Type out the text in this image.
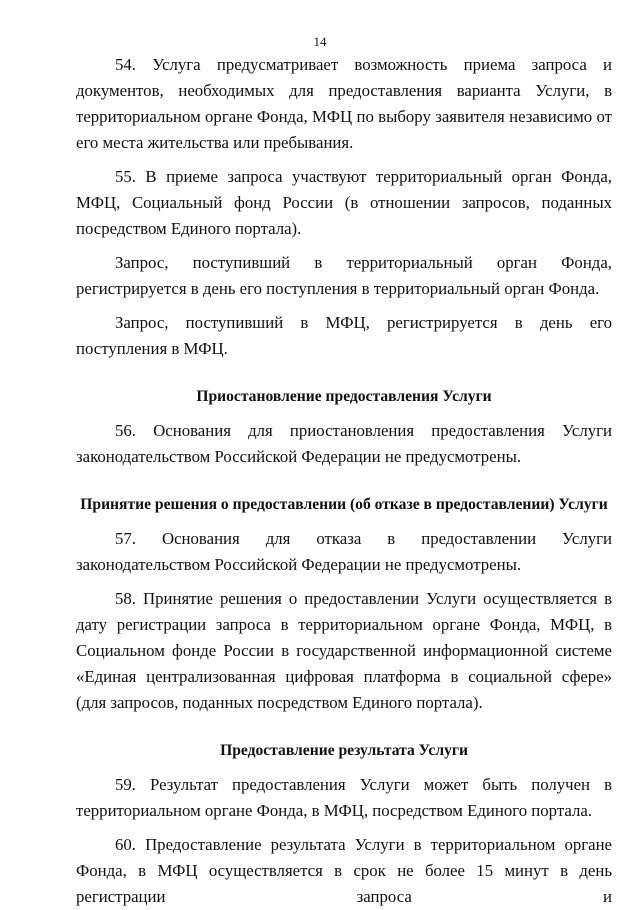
14

54. Услуга предусматривает возможность приема запроса и документов, необходимых для предоставления варианта Услуги, в территориальном органе Фонда, МФЦ по выбору заявителя независимо от его места жительства или пребывания.

55. В приеме запроса участвуют территориальный орган Фонда, МФЦ, Социальный фонд России (в отношении запросов, поданных посредством Единого портала).

Запрос, поступивший в территориальный орган Фонда, регистрируется в день его поступления в территориальный орган Фонда.

Запрос, поступивший в МФЦ, регистрируется в день его поступления в МФЦ.

Приостановление предоставления Услуги

56. Основания для приостановления предоставления Услуги законодательством Российской Федерации не предусмотрены.

Принятие решения о предоставлении (об отказе в предоставлении) Услуги

57. Основания для отказа в предоставлении Услуги законодательством Российской Федерации не предусмотрены.

58. Принятие решения о предоставлении Услуги осуществляется в дату регистрации запроса в территориальном органе Фонда, МФЦ, в Социальном фонде России в государственной информационной системе «Единая централизованная цифровая платформа в социальной сфере» (для запросов, поданных посредством Единого портала).

Предоставление результата Услуги

59. Результат предоставления Услуги может быть получен в территориальном органе Фонда, в МФЦ, посредством Единого портала.

60. Предоставление результата Услуги в территориальном органе Фонда, в МФЦ осуществляется в срок не более 15 минут в день регистрации запроса и
